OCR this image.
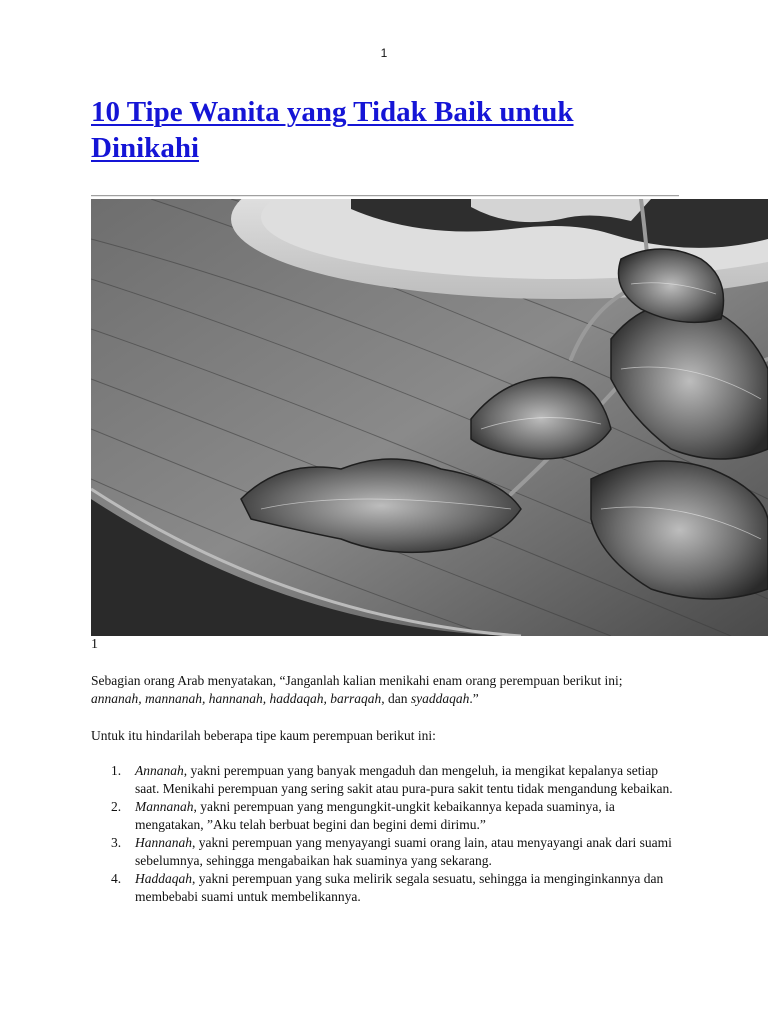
1
10 Tipe Wanita yang Tidak Baik untuk Dinikahi
1

Sebagian orang Arab menyatakan, “Janganlah kalian menikahi enam orang perempuan berikut ini; annanah, mannanah, hannanah, haddaqah, barraqah, dan syaddaqah.”

Untuk itu hindarilah beberapa tipe kaum perempuan berikut ini:

1. Annanah, yakni perempuan yang banyak mengaduh dan mengeluh, ia mengikat kepalanya setiap saat. Menikahi perempuan yang sering sakit atau pura-pura sakit tentu tidak mengandung kebaikan.
2. Mannanah, yakni perempuan yang mengungkit-ungkit kebaikannya kepada suaminya, ia mengatakan, ”Aku telah berbuat begini dan begini demi dirimu.”
3. Hannanah, yakni perempuan yang menyayangi suami orang lain, atau menyayangi anak dari suami sebelumnya, sehingga mengabaikan hak suaminya yang sekarang.
4. Haddaqah, yakni perempuan yang suka melirik segala sesuatu, sehingga ia menginginkannya dan membebabi suami untuk membelikannya.
